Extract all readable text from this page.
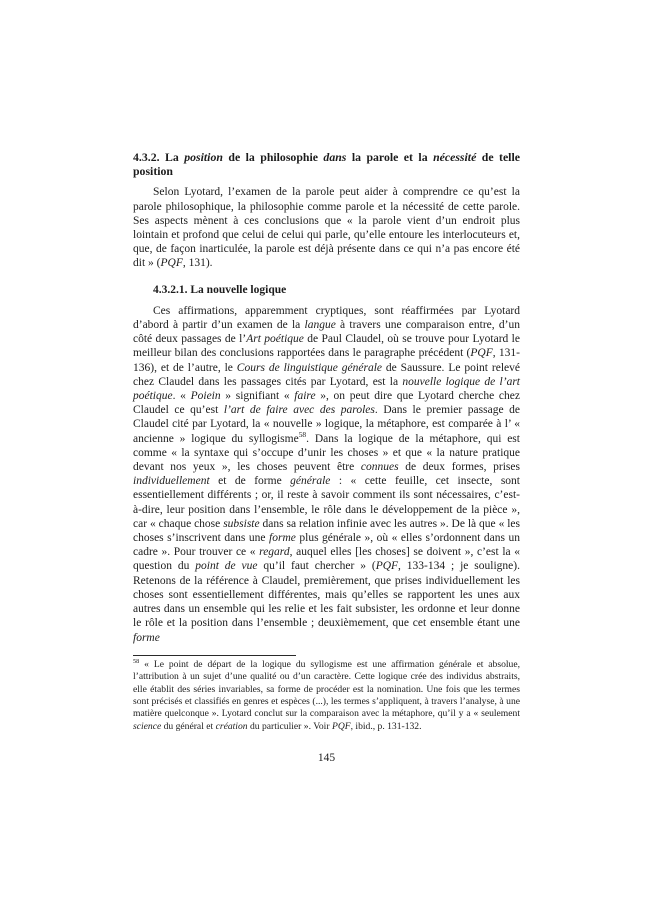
4.3.2. La position de la philosophie dans la parole et la nécessité de telle position

Selon Lyotard, l’examen de la parole peut aider à comprendre ce qu’est la parole philosophique, la philosophie comme parole et la nécessité de cette parole. Ses aspects mènent à ces conclusions que « la parole vient d’un endroit plus lointain et profond que celui de celui qui parle, qu’elle entoure les interlocuteurs et, que, de façon inarticulée, la parole est déjà présente dans ce qui n’a pas encore été dit » (PQF, 131).

4.3.2.1. La nouvelle logique

Ces affirmations, apparemment cryptiques, sont réaffirmées par Lyotard d’abord à partir d’un examen de la langue à travers une comparaison entre, d’un côté deux passages de l’Art poétique de Paul Claudel, où se trouve pour Lyotard le meilleur bilan des conclusions rapportées dans le paragraphe précédent (PQF, 131-136), et de l’autre, le Cours de linguistique générale de Saussure. Le point relevé chez Claudel dans les passages cités par Lyotard, est la nouvelle logique de l’art poétique. « Poiein » signifiant « faire », on peut dire que Lyotard cherche chez Claudel ce qu’est l’art de faire avec des paroles. Dans le premier passage de Claudel cité par Lyotard, la « nouvelle » logique, la métaphore, est comparée à l’ « ancienne » logique du syllogisme$^{58}$. Dans la logique de la métaphore, qui est comme « la syntaxe qui s’occupe d’unir les choses » et que « la nature pratique devant nos yeux », les choses peuvent être connues de deux formes, prises individuellement et de forme générale : « cette feuille, cet insecte, sont essentiellement différents ; or, il reste à savoir comment ils sont nécessaires, c’est-à-dire, leur position dans l’ensemble, le rôle dans le développement de la pièce », car « chaque chose subsiste dans sa relation infinie avec les autres ». De là que « les choses s’inscrivent dans une forme plus générale », où « elles s’ordonnent dans un cadre ». Pour trouver ce « regard, auquel elles [les choses] se doivent », c’est la « question du point de vue qu’il faut chercher » (PQF, 133-134 ; je souligne). Retenons de la référence à Claudel, premièrement, que prises individuellement les choses sont essentiellement différentes, mais qu’elles se rapportent les unes aux autres dans un ensemble qui les relie et les fait subsister, les ordonne et leur donne le rôle et la position dans l’ensemble ; deuxièmement, que cet ensemble étant une forme

$^{58}$ « Le point de départ de la logique du syllogisme est une affirmation générale et absolue, l’attribution à un sujet d’une qualité ou d’un caractère. Cette logique crée des individus abstraits, elle établit des séries invariables, sa forme de procéder est la nomination. Une fois que les termes sont précisés et classifiés en genres et espèces (...), les termes s’appliquent, à travers l’analyse, à une matière quelconque ». Lyotard conclut sur la comparaison avec la métaphore, qu’il y a « seulement science du général et création du particulier ». Voir PQF, ibid., p. 131-132.
145
